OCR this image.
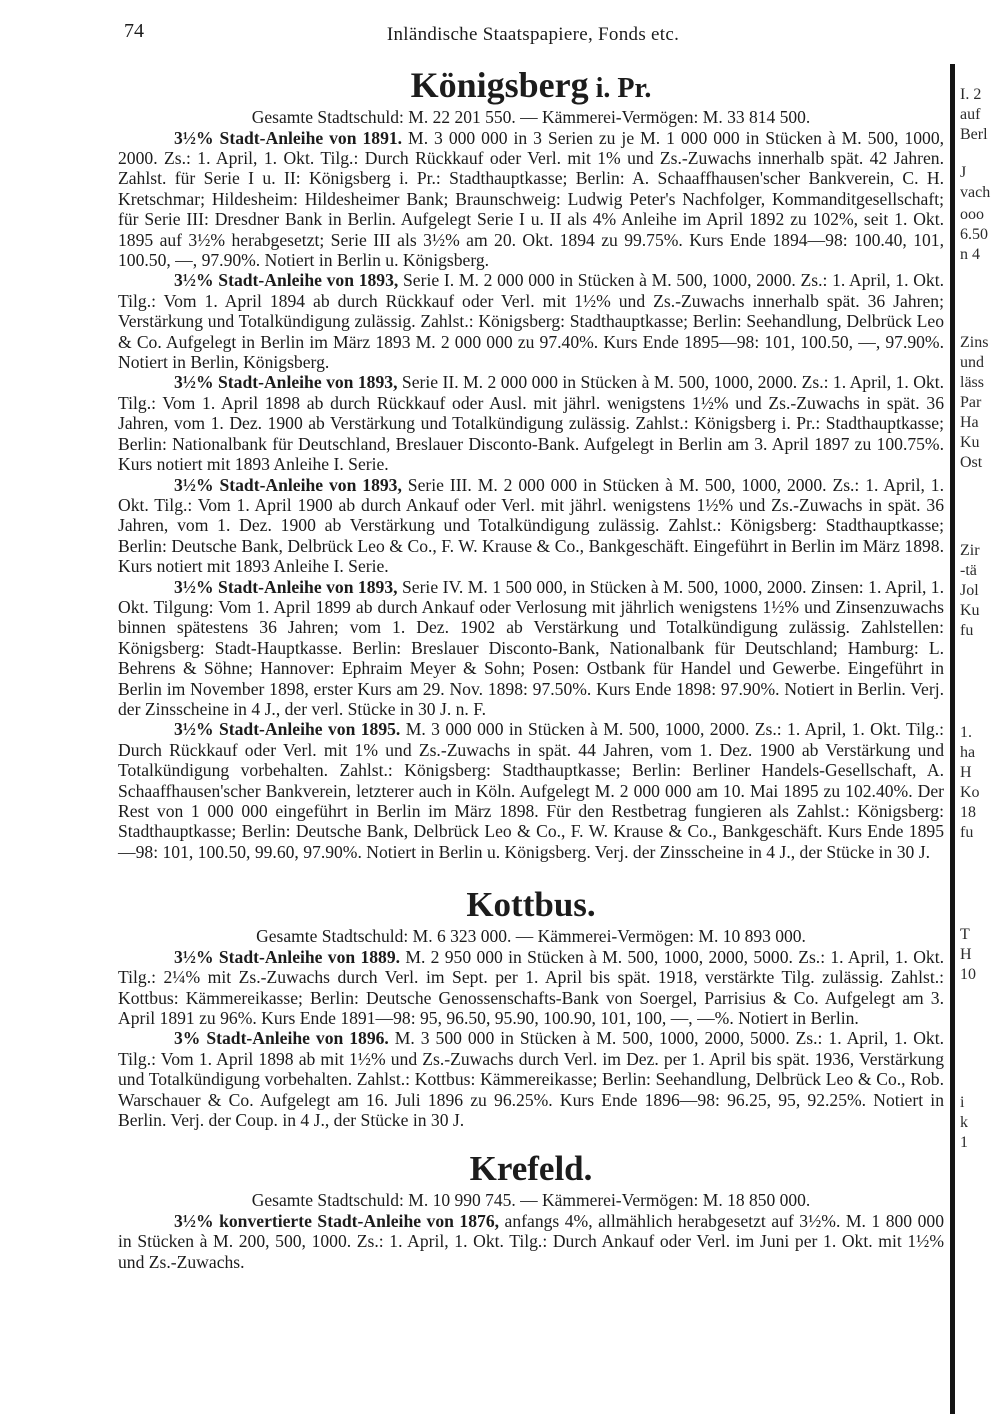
74	Inländische Staatspapiere, Fonds etc.
Königsberg i. Pr.

Gesamte Stadtschuld: M. 22 201 550. — Kämmerei-Vermögen: M. 33 814 500.

3½% Stadt-Anleihe von 1891. M. 3 000 000 in 3 Serien zu je M. 1 000 000 in Stücken à M. 500, 1000, 2000. Zs.: 1. April, 1. Okt. Tilg.: Durch Rückkauf oder Verl. mit 1% und Zs.-Zuwachs innerhalb spät. 42 Jahren. Zahlst. für Serie I u. II: Königsberg i. Pr.: Stadthauptkasse; Berlin: A. Schaaffhausen'scher Bankverein, C. H. Kretschmar; Hildesheim: Hildesheimer Bank; Braunschweig: Ludwig Peter's Nachfolger, Kommanditgesellschaft; für Serie III: Dresdner Bank in Berlin. Aufgelegt Serie I u. II als 4% Anleihe im April 1892 zu 102%, seit 1. Okt. 1895 auf 3½% herabgesetzt; Serie III als 3½% am 20. Okt. 1894 zu 99.75%. Kurs Ende 1894—98: 100.40, 101, 100.50, —, 97.90%. Notiert in Berlin u. Königsberg.

3½% Stadt-Anleihe von 1893, Serie I. M. 2 000 000 in Stücken à M. 500, 1000, 2000. Zs.: 1. April, 1. Okt. Tilg.: Vom 1. April 1894 ab durch Rückkauf oder Verl. mit 1½% und Zs.-Zuwachs innerhalb spät. 36 Jahren; Verstärkung und Totalkündigung zulässig. Zahlst.: Königsberg: Stadthauptkasse; Berlin: Seehandlung, Delbrück Leo & Co. Aufgelegt in Berlin im März 1893 M. 2 000 000 zu 97.40%. Kurs Ende 1895—98: 101, 100.50, —, 97.90%. Notiert in Berlin, Königsberg.

3½% Stadt-Anleihe von 1893, Serie II. M. 2 000 000 in Stücken à M. 500, 1000, 2000. Zs.: 1. April, 1. Okt. Tilg.: Vom 1. April 1898 ab durch Rückkauf oder Ausl. mit jährl. wenigstens 1½% und Zs.-Zuwachs in spät. 36 Jahren, vom 1. Dez. 1900 ab Verstärkung und Totalkündigung zulässig. Zahlst.: Königsberg i. Pr.: Stadthauptkasse; Berlin: Nationalbank für Deutschland, Breslauer Disconto-Bank. Aufgelegt in Berlin am 3. April 1897 zu 100.75%. Kurs notiert mit 1893 Anleihe I. Serie.

3½% Stadt-Anleihe von 1893, Serie III. M. 2 000 000 in Stücken à M. 500, 1000, 2000. Zs.: 1. April, 1. Okt. Tilg.: Vom 1. April 1900 ab durch Ankauf oder Verl. mit jährl. wenigstens 1½% und Zs.-Zuwachs in spät. 36 Jahren, vom 1. Dez. 1900 ab Verstärkung und Totalkündigung zulässig. Zahlst.: Königsberg: Stadthauptkasse; Berlin: Deutsche Bank, Delbrück Leo & Co., F. W. Krause & Co., Bankgeschäft. Eingeführt in Berlin im März 1898. Kurs notiert mit 1893 Anleihe I. Serie.

3½% Stadt-Anleihe von 1893, Serie IV. M. 1 500 000, in Stücken à M. 500, 1000, 2000. Zinsen: 1. April, 1. Okt. Tilgung: Vom 1. April 1899 ab durch Ankauf oder Verlosung mit jährlich wenigstens 1½% und Zinsenzuwachs binnen spätestens 36 Jahren; vom 1. Dez. 1902 ab Verstärkung und Totalkündigung zulässig. Zahlstellen: Königsberg: Stadt-Hauptkasse. Berlin: Breslauer Disconto-Bank, Nationalbank für Deutschland; Hamburg: L. Behrens & Söhne; Hannover: Ephraim Meyer & Sohn; Posen: Ostbank für Handel und Gewerbe. Eingeführt in Berlin im November 1898, erster Kurs am 29. Nov. 1898: 97.50%. Kurs Ende 1898: 97.90%. Notiert in Berlin. Verj. der Zinsscheine in 4 J., der verl. Stücke in 30 J. n. F.

3½% Stadt-Anleihe von 1895. M. 3 000 000 in Stücken à M. 500, 1000, 2000. Zs.: 1. April, 1. Okt. Tilg.: Durch Rückkauf oder Verl. mit 1% und Zs.-Zuwachs in spät. 44 Jahren, vom 1. Dez. 1900 ab Verstärkung und Totalkündigung vorbehalten. Zahlst.: Königsberg: Stadthauptkasse; Berlin: Berliner Handels-Gesellschaft, A. Schaaffhausen'scher Bankverein, letzterer auch in Köln. Aufgelegt M. 2 000 000 am 10. Mai 1895 zu 102.40%. Der Rest von 1 000 000 eingeführt in Berlin im März 1898. Für den Restbetrag fungieren als Zahlst.: Königsberg: Stadthauptkasse; Berlin: Deutsche Bank, Delbrück Leo & Co., F. W. Krause & Co., Bankgeschäft. Kurs Ende 1895—98: 101, 100.50, 99.60, 97.90%. Notiert in Berlin u. Königsberg. Verj. der Zinsscheine in 4 J., der Stücke in 30 J.

Kottbus.

Gesamte Stadtschuld: M. 6 323 000. — Kämmerei-Vermögen: M. 10 893 000.

3½% Stadt-Anleihe von 1889. M. 2 950 000 in Stücken à M. 500, 1000, 2000, 5000. Zs.: 1. April, 1. Okt. Tilg.: 2¼% mit Zs.-Zuwachs durch Verl. im Sept. per 1. April bis spät. 1918, verstärkte Tilg. zulässig. Zahlst.: Kottbus: Kämmereikasse; Berlin: Deutsche Genossenschafts-Bank von Soergel, Parrisius & Co. Aufgelegt am 3. April 1891 zu 96%. Kurs Ende 1891—98: 95, 96.50, 95.90, 100.90, 101, 100, —, —%. Notiert in Berlin.

3% Stadt-Anleihe von 1896. M. 3 500 000 in Stücken à M. 500, 1000, 2000, 5000. Zs.: 1. April, 1. Okt. Tilg.: Vom 1. April 1898 ab mit 1½% und Zs.-Zuwachs durch Verl. im Dez. per 1. April bis spät. 1936, Verstärkung und Totalkündigung vorbehalten. Zahlst.: Kottbus: Kämmereikasse; Berlin: Seehandlung, Delbrück Leo & Co., Rob. Warschauer & Co. Aufgelegt am 16. Juli 1896 zu 96.25%. Kurs Ende 1896—98: 96.25, 95, 92.25%. Notiert in Berlin. Verj. der Coup. in 4 J., der Stücke in 30 J.

Krefeld.

Gesamte Stadtschuld: M. 10 990 745. — Kämmerei-Vermögen: M. 18 850 000.

3½% konvertierte Stadt-Anleihe von 1876, anfangs 4%, allmählich herabgesetzt auf 3½%. M. 1 800 000 in Stücken à M. 200, 500, 1000. Zs.: 1. April, 1. Okt. Tilg.: Durch Ankauf oder Verl. im Juni per 1. Okt. mit 1½% und Zs.-Zuwachs.

I. 2
auf
Berl
J
vach
ooo
6.50
n 4
Zins
und
läss
Par
Ha
Ku
Ost
Zir
-tä
Jol
Ku
fu
1.
ha
H
Ko
18
fu
T
H
10
i
k
1
